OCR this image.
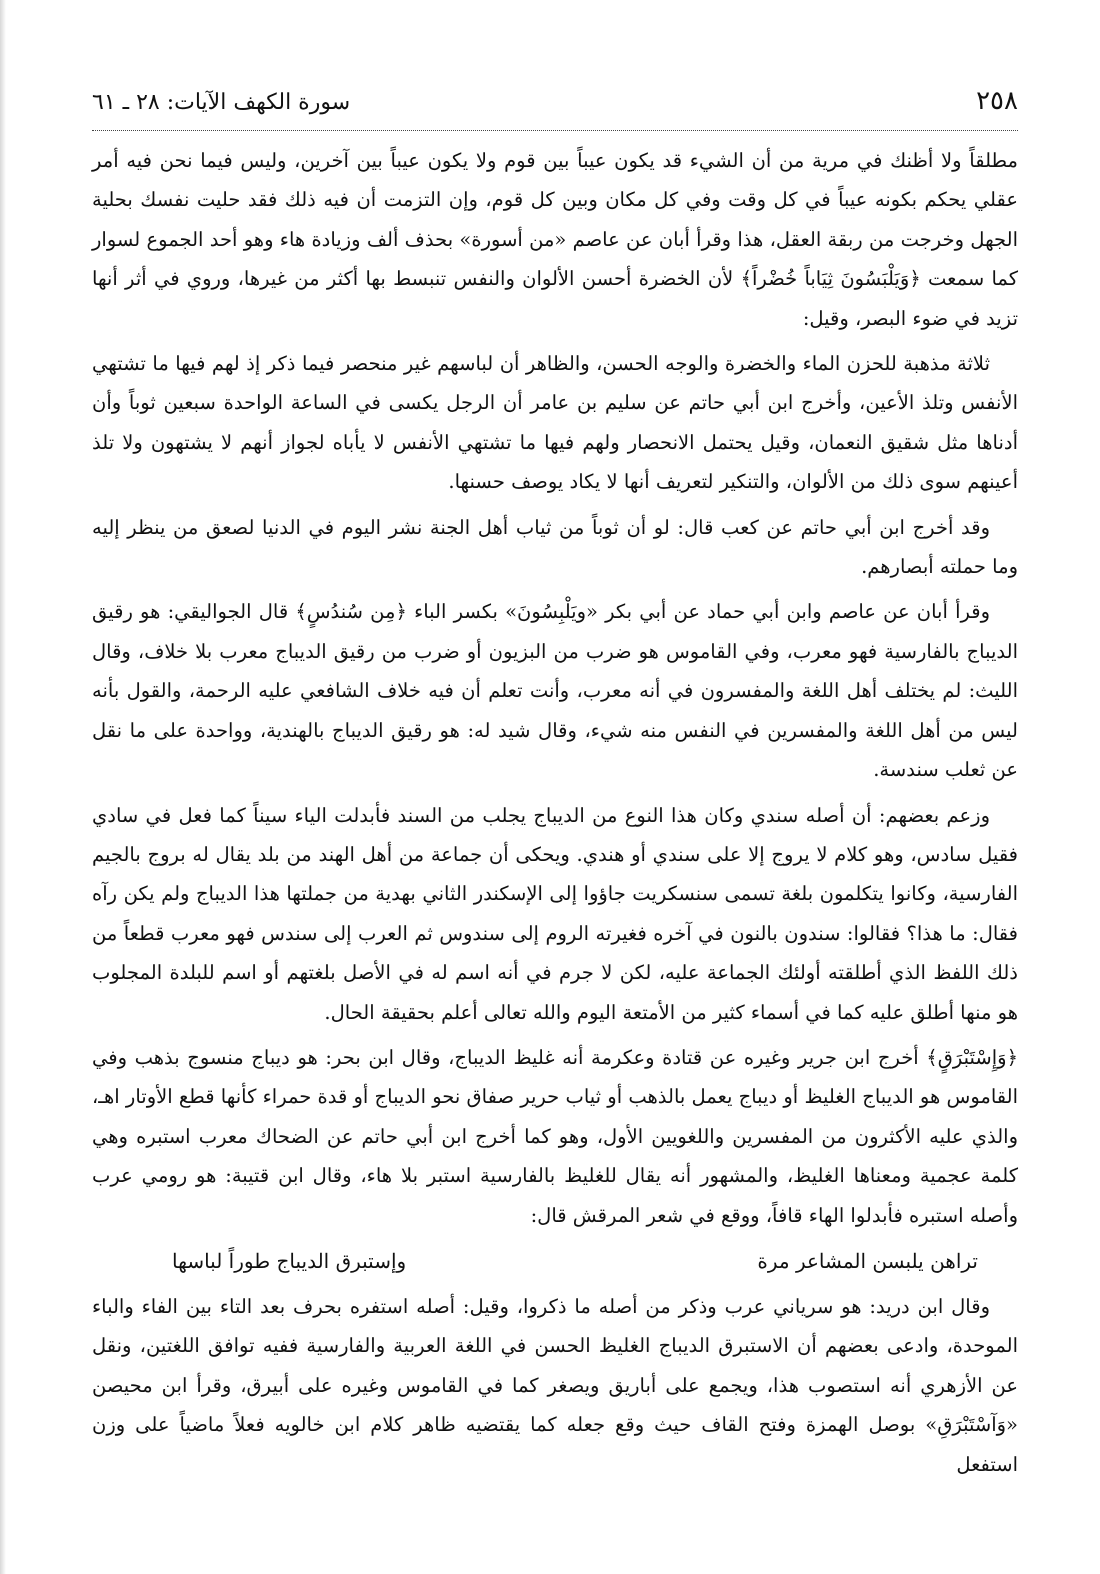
٢٥٨
سورة الكهف الآيات: ٢٨ ـ ٦١

مطلقاً ولا أظنك في مرية من أن الشيء قد يكون عيباً بين قوم ولا يكون عيباً بين آخرين، وليس فيما نحن فيه أمر عقلي يحكم بكونه عيباً في كل وقت وفي كل مكان وبين كل قوم، وإن التزمت أن فيه ذلك فقد حليت نفسك بحلية الجهل وخرجت من ربقة العقل، هذا وقرأ أبان عن عاصم «من أسورة» بحذف ألف وزيادة هاء وهو أحد الجموع لسوار كما سمعت ﴿وَيَلْبَسُونَ ثِيَاباً خُضْراً﴾ لأن الخضرة أحسن الألوان والنفس تنبسط بها أكثر من غيرها، وروي في أثر أنها تزيد في ضوء البصر، وقيل:

ثلاثة مذهبة للحزن الماء والخضرة والوجه الحسن، والظاهر أن لباسهم غير منحصر فيما ذكر إذ لهم فيها ما تشتهي الأنفس وتلذ الأعين، وأخرج ابن أبي حاتم عن سليم بن عامر أن الرجل يكسى في الساعة الواحدة سبعين ثوباً وأن أدناها مثل شقيق النعمان، وقيل يحتمل الانحصار ولهم فيها ما تشتهي الأنفس لا يأباه لجواز أنهم لا يشتهون ولا تلذ أعينهم سوى ذلك من الألوان، والتنكير لتعريف أنها لا يكاد يوصف حسنها.

وقد أخرج ابن أبي حاتم عن كعب قال: لو أن ثوباً من ثياب أهل الجنة نشر اليوم في الدنيا لصعق من ينظر إليه وما حملته أبصارهم.

وقرأ أبان عن عاصم وابن أبي حماد عن أبي بكر «ويَلْبِسُونَ» بكسر الباء ﴿مِن سُندُسٍ﴾ قال الجواليقي: هو رقيق الديباج بالفارسية فهو معرب، وفي القاموس هو ضرب من البزيون أو ضرب من رقيق الديباج معرب بلا خلاف، وقال الليث: لم يختلف أهل اللغة والمفسرون في أنه معرب، وأنت تعلم أن فيه خلاف الشافعي عليه الرحمة، والقول بأنه ليس من أهل اللغة والمفسرين في النفس منه شيء، وقال شيد له: هو رقيق الديباج بالهندية، وواحدة على ما نقل عن ثعلب سندسة.

وزعم بعضهم: أن أصله سندي وكان هذا النوع من الديباج يجلب من السند فأبدلت الياء سيناً كما فعل في سادي فقيل سادس، وهو كلام لا يروج إلا على سندي أو هندي. ويحكى أن جماعة من أهل الهند من بلد يقال له بروج بالجيم الفارسية، وكانوا يتكلمون بلغة تسمى سنسكريت جاؤوا إلى الإسكندر الثاني بهدية من جملتها هذا الديباج ولم يكن رآه فقال: ما هذا؟ فقالوا: سندون بالنون في آخره فغيرته الروم إلى سندوس ثم العرب إلى سندس فهو معرب قطعاً من ذلك اللفظ الذي أطلقته أولئك الجماعة عليه، لكن لا جرم في أنه اسم له في الأصل بلغتهم أو اسم للبلدة المجلوب هو منها أطلق عليه كما في أسماء كثير من الأمتعة اليوم والله تعالى أعلم بحقيقة الحال.

﴿وَإِسْتَبْرَقٍ﴾ أخرج ابن جرير وغيره عن قتادة وعكرمة أنه غليظ الديباج، وقال ابن بحر: هو ديباج منسوج بذهب وفي القاموس هو الديباج الغليظ أو ديباج يعمل بالذهب أو ثياب حرير صفاق نحو الديباج أو قدة حمراء كأنها قطع الأوتار اهـ، والذي عليه الأكثرون من المفسرين واللغويين الأول، وهو كما أخرج ابن أبي حاتم عن الضحاك معرب استبره وهي كلمة عجمية ومعناها الغليظ، والمشهور أنه يقال للغليظ بالفارسية استبر بلا هاء، وقال ابن قتيبة: هو رومي عرب وأصله استبره فأبدلوا الهاء قافاً، ووقع في شعر المرقش قال:

تراهن يلبسن المشاعر مرة
وإستبرق الديباج طوراً لباسها

وقال ابن دريد: هو سرياني عرب وذكر من أصله ما ذكروا، وقيل: أصله استفره بحرف بعد التاء بين الفاء والباء الموحدة، وادعى بعضهم أن الاستبرق الديباج الغليظ الحسن في اللغة العربية والفارسية ففيه توافق اللغتين، ونقل عن الأزهري أنه استصوب هذا، ويجمع على أباريق ويصغر كما في القاموس وغيره على أبيرق، وقرأ ابن محيصن «وَآسْتَبْرَقِ» بوصل الهمزة وفتح القاف حيث وقع جعله كما يقتضيه ظاهر كلام ابن خالويه فعلاً ماضياً على وزن استفعل
